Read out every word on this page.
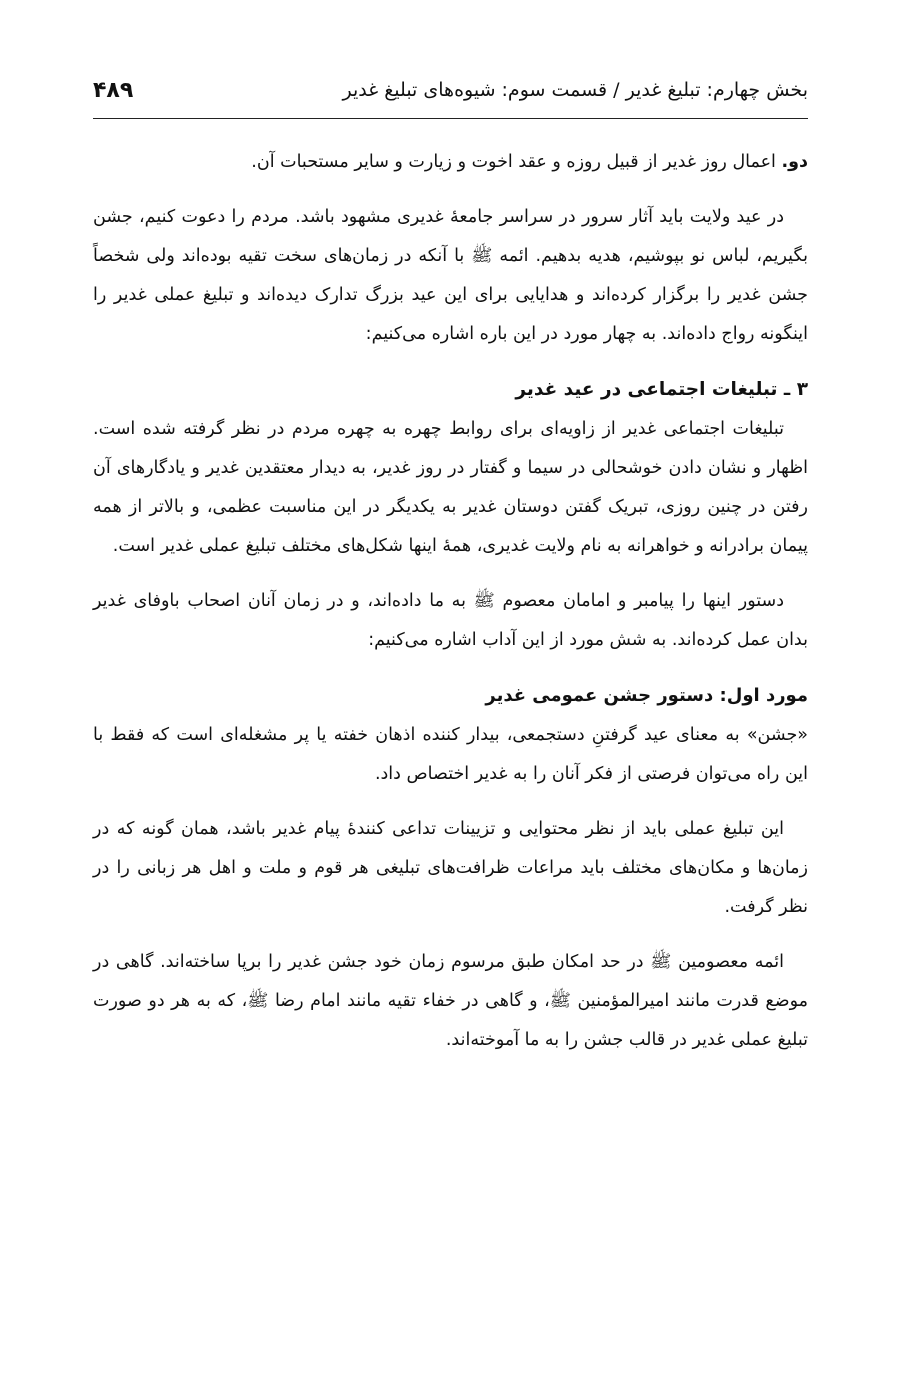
بخش چهارم: تبلیغ غدیر / قسمت سوم: شیوه‌های تبلیغ غدیر
۴۸۹

دو. اعمال روز غدیر از قبیل روزه و عقد اخوت و زیارت و سایر مستحبات آن.

در عید ولایت باید آثار سرور در سراسر جامعهٔ غدیری مشهود باشد. مردم را دعوت کنیم، جشن بگیریم، لباس نو بپوشیم، هدیه بدهیم. ائمه ﷺ با آنکه در زمان‌های سخت تقیه بوده‌اند ولی شخصاً جشن غدیر را برگزار کرده‌اند و هدایایی برای این عید بزرگ تدارک دیده‌اند و تبلیغ عملی غدیر را اینگونه رواج داده‌اند. به چهار مورد در این باره اشاره می‌کنیم:

۳ ـ تبلیغات اجتماعی در عید غدیر

تبلیغات اجتماعی غدیر از زاویه‌ای برای روابط چهره به چهره مردم در نظر گرفته شده است. اظهار و نشان دادن خوشحالی در سیما و گفتار در روز غدیر، به دیدار معتقدین غدیر و یادگارهای آن رفتن در چنین روزی، تبریک گفتن دوستان غدیر به یکدیگر در این مناسبت عظمی، و بالاتر از همه پیمان برادرانه و خواهرانه به نام ولایت غدیری، همهٔ اینها شکل‌های مختلف تبلیغ عملی غدیر است.

دستور اینها را پیامبر و امامان معصوم ﷺ به ما داده‌اند، و در زمان آنان اصحاب باوفای غدیر بدان عمل کرده‌اند. به شش مورد از این آداب اشاره می‌کنیم:

مورد اول: دستور جشن عمومی غدیر

«جشن» به معنای عید گرفتنِ دستجمعی، بیدار کننده اذهان خفته یا پر مشغله‌ای است که فقط با این راه می‌توان فرصتی از فکر آنان را به غدیر اختصاص داد.

این تبلیغ عملی باید از نظر محتوایی و تزیینات تداعی کنندهٔ پیام غدیر باشد، همان گونه که در زمان‌ها و مکان‌های مختلف باید مراعات ظرافت‌های تبلیغی هر قوم و ملت و اهل هر زبانی را در نظر گرفت.

ائمه معصومین ﷺ در حد امکان طبق مرسوم زمان خود جشن غدیر را برپا ساخته‌اند. گاهی در موضع قدرت مانند امیرالمؤمنین ﷺ، و گاهی در خفاء تقیه مانند امام رضا ﷺ، که به هر دو صورت تبلیغ عملی غدیر در قالب جشن را به ما آموخته‌اند.
